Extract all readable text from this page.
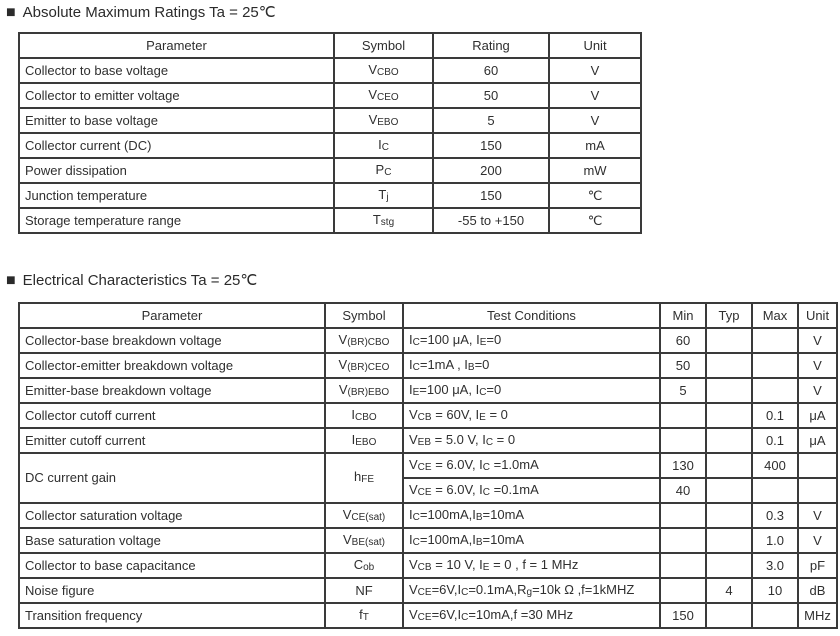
■ Absolute Maximum Ratings Ta = 25℃
Parameter	Symbol	Rating	Unit
Collector to base voltage	VCBO	60	V
Collector to emitter voltage	VCEO	50	V
Emitter to base voltage	VEBO	5	V
Collector current (DC)	IC	150	mA
Power dissipation	PC	200	mW
Junction temperature	Tj	150	℃
Storage temperature range	Tstg	-55 to +150	℃
■ Electrical Characteristics Ta = 25℃
Parameter	Symbol	Test Conditions	Min	Typ	Max	Unit
Collector-base breakdown voltage	V(BR)CBO	IC=100 μA, IE=0	60			V
Collector-emitter breakdown voltage	V(BR)CEO	IC=1mA , IB=0	50			V
Emitter-base breakdown voltage	V(BR)EBO	IE=100 μA, IC=0	5			V
Collector cutoff current	ICBO	VCB = 60V, IE = 0			0.1	μA
Emitter cutoff current	IEBO	VEB = 5.0 V, IC = 0			0.1	μA
DC current gain	hFE	VCE = 6.0V, IC =1.0mA	130		400	
		VCE = 6.0V, IC =0.1mA	40			
Collector saturation voltage	VCE(sat)	IC=100mA,IB=10mA			0.3	V
Base saturation voltage	VBE(sat)	IC=100mA,IB=10mA			1.0	V
Collector to base capacitance	Cob	VCB = 10 V, IE = 0 , f = 1 MHz			3.0	pF
Noise figure	NF	VCE=6V,IC=0.1mA,Rg=10k Ω ,f=1kMHZ		4	10	dB
Transition frequency	fT	VCE=6V,IC=10mA,f =30 MHz	150			MHz
